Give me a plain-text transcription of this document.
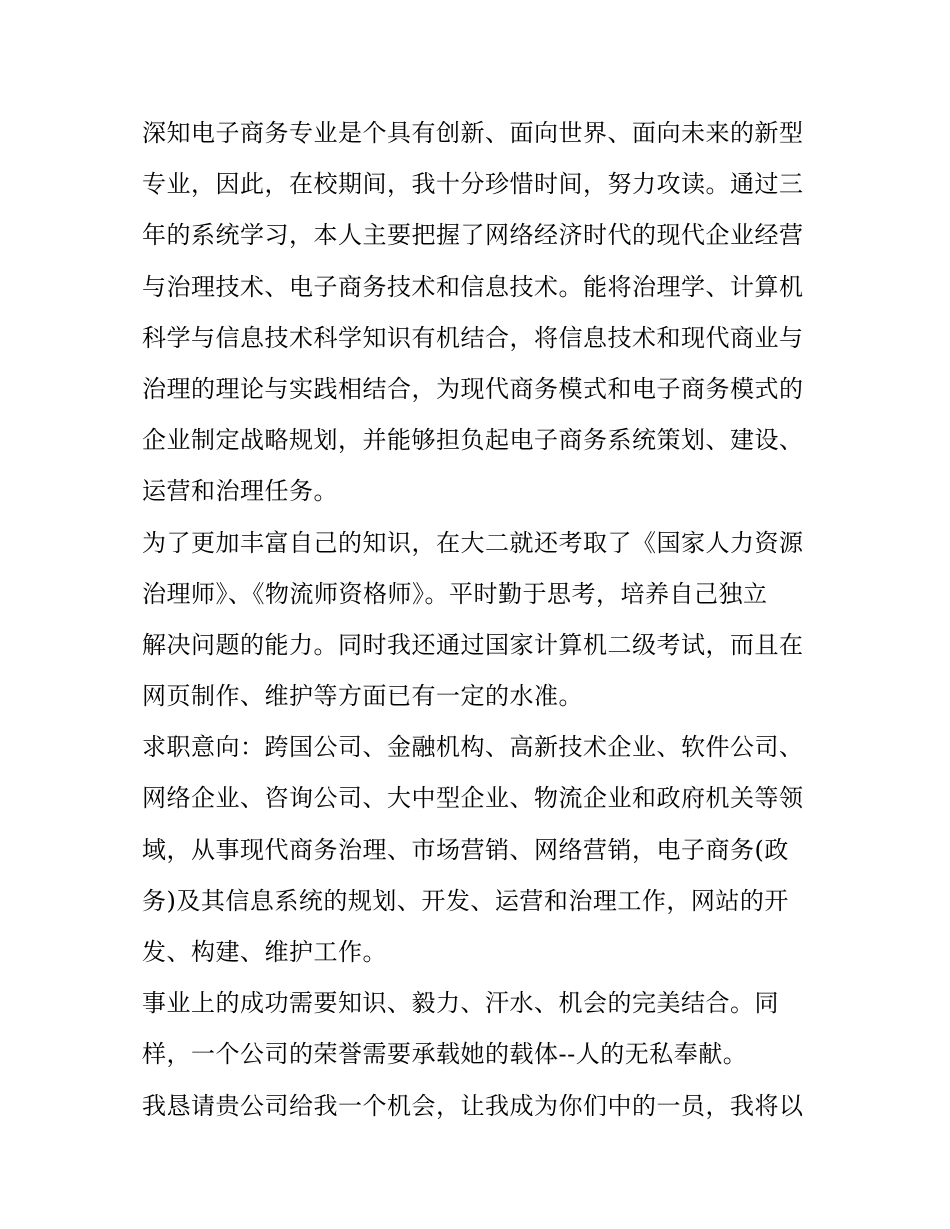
深知电子商务专业是个具有创新、面向世界、面向未来的新型
专业，因此，在校期间，我十分珍惜时间，努力攻读。通过三
年的系统学习，本人主要把握了网络经济时代的现代企业经营
与治理技术、电子商务技术和信息技术。能将治理学、计算机
科学与信息技术科学知识有机结合，将信息技术和现代商业与
治理的理论与实践相结合，为现代商务模式和电子商务模式的
企业制定战略规划，并能够担负起电子商务系统策划、建设、
运营和治理任务。
为了更加丰富自己的知识，在大二就还考取了《国家人力资源
治理师》、《物流师资格师》。平时勤于思考，培养自己独立
解决问题的能力。同时我还通过国家计算机二级考试，而且在
网页制作、维护等方面已有一定的水准。
求职意向：跨国公司、金融机构、高新技术企业、软件公司、
网络企业、咨询公司、大中型企业、物流企业和政府机关等领
域，从事现代商务治理、市场营销、网络营销，电子商务(政
务)及其信息系统的规划、开发、运营和治理工作，网站的开
发、构建、维护工作。
事业上的成功需要知识、毅力、汗水、机会的完美结合。同
样，一个公司的荣誉需要承载她的载体--人的无私奉献。
我恳请贵公司给我一个机会，让我成为你们中的一员，我将以
